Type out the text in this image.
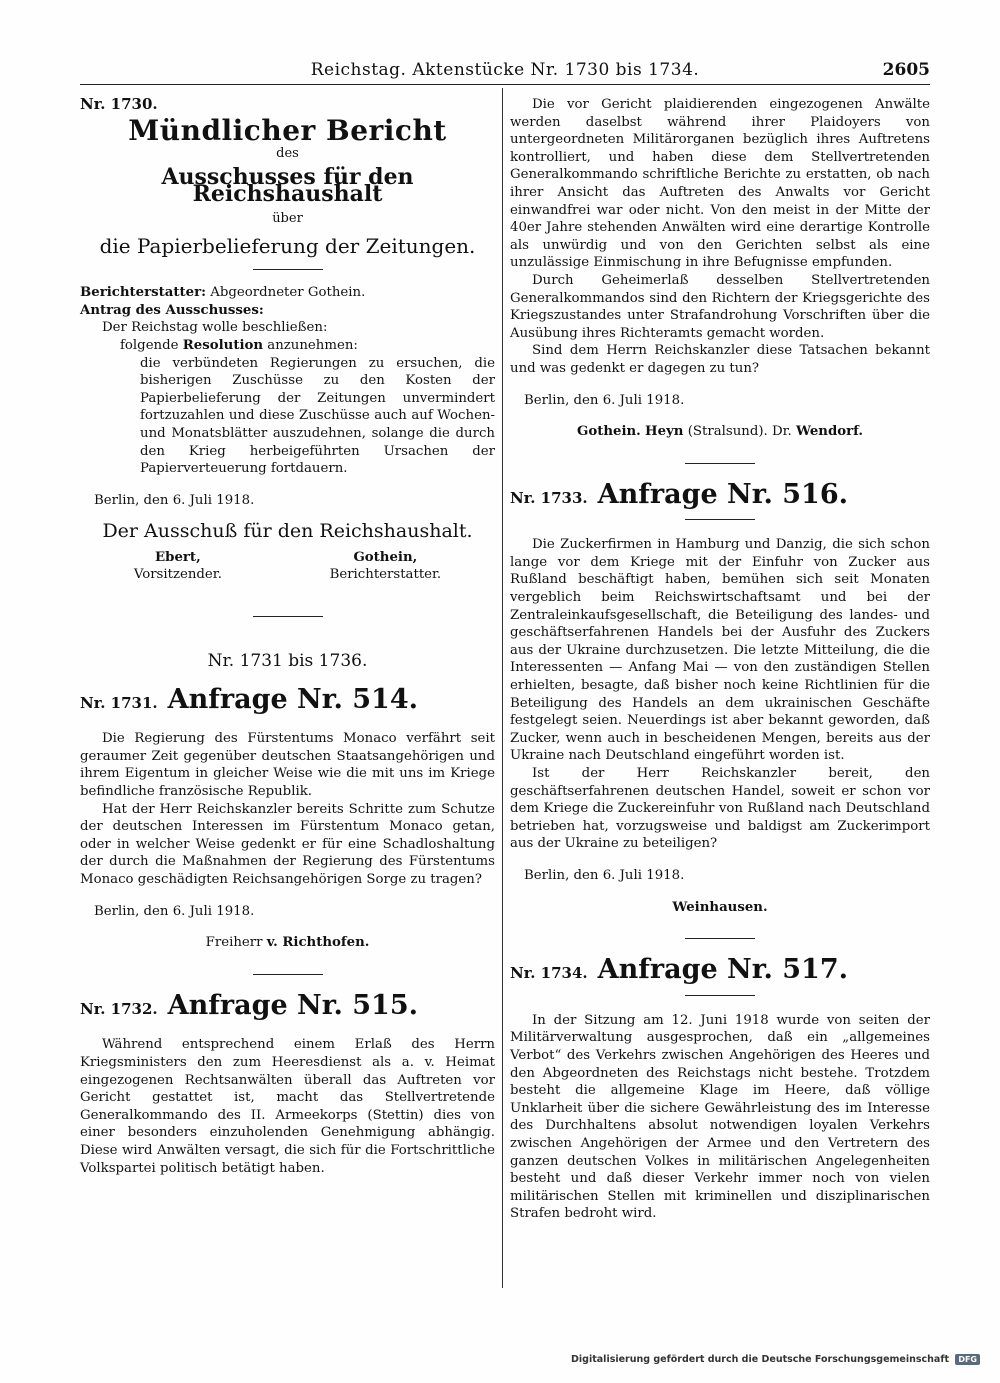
Reichstag. Aktenstücke Nr. 1730 bis 1734.	2605
Nr. 1730.
Mündlicher Bericht
des
Ausschusses für den Reichshaushalt
über
die Papierbelieferung der Zeitungen.

Berichterstatter: Abgeordneter Gothein.

Antrag des Ausschusses:

Der Reichstag wolle beschließen:

folgende Resolution anzunehmen:

die verbündeten Regierungen zu ersuchen, die bisherigen Zuschüsse zu den Kosten der Papierbelieferung der Zeitungen unvermindert fortzuzahlen und diese Zuschüsse auch auf Wochen- und Monatsblätter auszudehnen, solange die durch den Krieg herbeigeführten Ursachen der Papierverteuerung fortdauern.

Berlin, den 6. Juli 1918.

Der Ausschuß für den Reichshaushalt.
Ebert,
Vorsitzender.
Gothein,
Berichterstatter.
Nr. 1731 bis 1736.
Nr. 1731. Anfrage Nr. 514.

Die Regierung des Fürstentums Monaco verfährt seit geraumer Zeit gegenüber deutschen Staatsangehörigen und ihrem Eigentum in gleicher Weise wie die mit uns im Kriege befindliche französische Republik.

Hat der Herr Reichskanzler bereits Schritte zum Schutze der deutschen Interessen im Fürstentum Monaco getan, oder in welcher Weise gedenkt er für eine Schadloshaltung der durch die Maßnahmen der Regierung des Fürstentums Monaco geschädigten Reichsangehörigen Sorge zu tragen?

Berlin, den 6. Juli 1918.

Freiherr v. Richthofen.
Nr. 1732. Anfrage Nr. 515.

Während entsprechend einem Erlaß des Herrn Kriegsministers den zum Heeresdienst als a. v. Heimat eingezogenen Rechtsanwälten überall das Auftreten vor Gericht gestattet ist, macht das Stellvertretende Generalkommando des II. Armeekorps (Stettin) dies von einer besonders einzuholenden Genehmigung abhängig. Diese wird Anwälten versagt, die sich für die Fortschrittliche Volkspartei politisch betätigt haben.

Die vor Gericht plaidierenden eingezogenen Anwälte werden daselbst während ihrer Plaidoyers von untergeordneten Militärorganen bezüglich ihres Auftretens kontrolliert, und haben diese dem Stellvertretenden Generalkommando schriftliche Berichte zu erstatten, ob nach ihrer Ansicht das Auftreten des Anwalts vor Gericht einwandfrei war oder nicht. Von den meist in der Mitte der 40er Jahre stehenden Anwälten wird eine derartige Kontrolle als unwürdig und von den Gerichten selbst als eine unzulässige Einmischung in ihre Befugnisse empfunden.

Durch Geheimerlaß desselben Stellvertretenden Generalkommandos sind den Richtern der Kriegsgerichte des Kriegszustandes unter Strafandrohung Vorschriften über die Ausübung ihres Richteramts gemacht worden.

Sind dem Herrn Reichskanzler diese Tatsachen bekannt und was gedenkt er dagegen zu tun?

Berlin, den 6. Juli 1918.

Gothein. Heyn (Stralsund). Dr. Wendorf.
Nr. 1733. Anfrage Nr. 516.

Die Zuckerfirmen in Hamburg und Danzig, die sich schon lange vor dem Kriege mit der Einfuhr von Zucker aus Rußland beschäftigt haben, bemühen sich seit Monaten vergeblich beim Reichswirtschaftsamt und bei der Zentraleinkaufsgesellschaft, die Beteiligung des landes- und geschäftserfahrenen Handels bei der Ausfuhr des Zuckers aus der Ukraine durchzusetzen. Die letzte Mitteilung, die die Interessenten — Anfang Mai — von den zuständigen Stellen erhielten, besagte, daß bisher noch keine Richtlinien für die Beteiligung des Handels an dem ukrainischen Geschäfte festgelegt seien. Neuerdings ist aber bekannt geworden, daß Zucker, wenn auch in bescheidenen Mengen, bereits aus der Ukraine nach Deutschland eingeführt worden ist.

Ist der Herr Reichskanzler bereit, den geschäftserfahrenen deutschen Handel, soweit er schon vor dem Kriege die Zuckereinfuhr von Rußland nach Deutschland betrieben hat, vorzugsweise und baldigst am Zuckerimport aus der Ukraine zu beteiligen?

Berlin, den 6. Juli 1918.

Weinhausen.
Nr. 1734. Anfrage Nr. 517.

In der Sitzung am 12. Juni 1918 wurde von seiten der Militärverwaltung ausgesprochen, daß ein „allgemeines Verbot“ des Verkehrs zwischen Angehörigen des Heeres und den Abgeordneten des Reichstags nicht bestehe. Trotzdem besteht die allgemeine Klage im Heere, daß völlige Unklarheit über die sichere Gewährleistung des im Interesse des Durchhaltens absolut notwendigen loyalen Verkehrs zwischen Angehörigen der Armee und den Vertretern des ganzen deutschen Volkes in militärischen Angelegenheiten besteht und daß dieser Verkehr immer noch von vielen militärischen Stellen mit kriminellen und disziplinarischen Strafen bedroht wird.

Digitalisierung gefördert durch die Deutsche Forschungsgemeinschaft DFG
